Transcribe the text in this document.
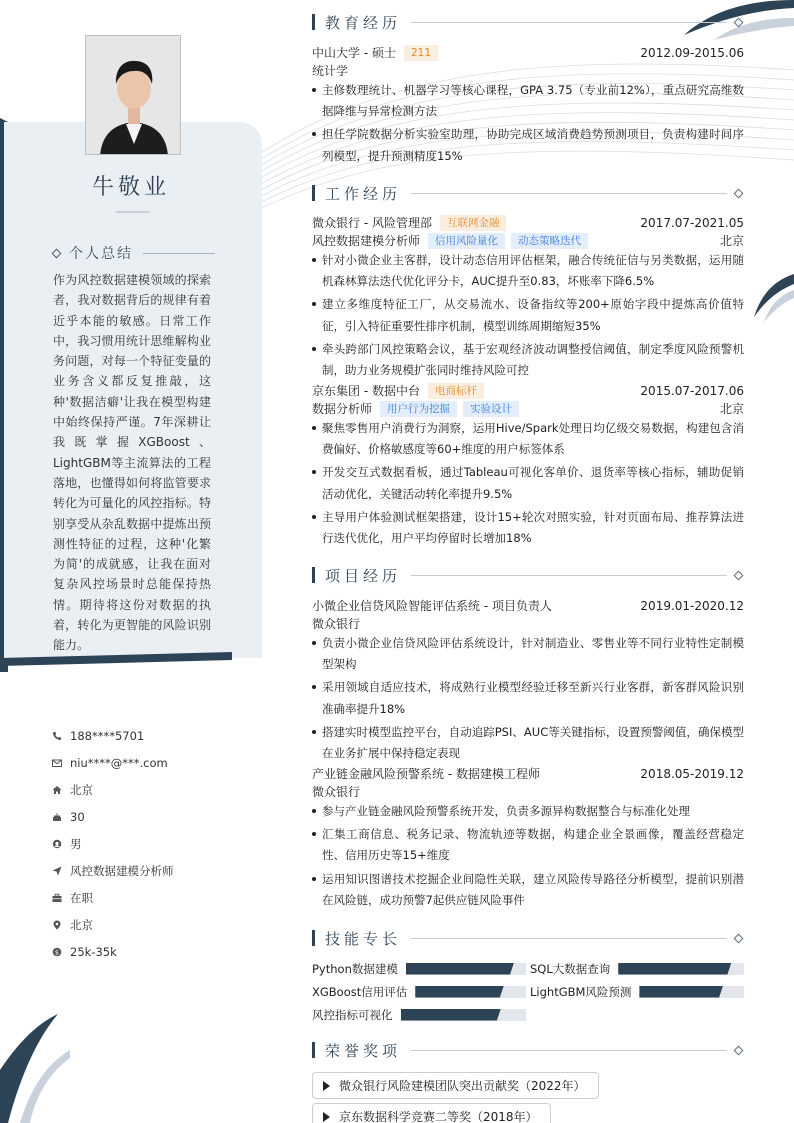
牛敬业
个人总结

作为风控数据建模领域的探索者，我对数据背后的规律有着近乎本能的敏感。日常工作中，我习惯用统计思维解构业务问题，对每一个特征变量的业务含义都反复推敲，这种'数据洁癖'让我在模型构建中始终保持严谨。7年深耕让我既掌握XGBoost、LightGBM等主流算法的工程落地，也懂得如何将监管要求转化为可量化的风控指标。特别享受从杂乱数据中提炼出预测性特征的过程，这种'化繁为简'的成就感，让我在面对复杂风控场景时总能保持热情。期待将这份对数据的执着，转化为更智能的风险识别能力。

188****5701
niu****@***.com
北京
30
男
风控数据建模分析师
在职
北京
$ 25k-35k
教育经历
中山大学 - 硕士	211	2012.09-2015.06
统计学
主修数理统计、机器学习等核心课程，GPA 3.75（专业前12%），重点研究高维数据降维与异常检测方法
担任学院数据分析实验室助理，协助完成区域消费趋势预测项目，负责构建时间序列模型，提升预测精度15%
工作经历
微众银行 - 风险管理部	互联网金融	2017.07-2021.05
风控数据建模分析师	信用风险量化	动态策略迭代	北京
针对小微企业主客群，设计动态信用评估框架，融合传统征信与另类数据，运用随机森林算法迭代优化评分卡，AUC提升至0.83，坏账率下降6.5%
建立多维度特征工厂，从交易流水、设备指纹等200+原始字段中提炼高价值特征，引入特征重要性排序机制，模型训练周期缩短35%
牵头跨部门风控策略会议，基于宏观经济波动调整授信阈值，制定季度风险预警机制，助力业务规模扩张同时维持风险可控
京东集团 - 数据中台	电商标杆	2015.07-2017.06
数据分析师	用户行为挖掘	实验设计	北京
聚焦零售用户消费行为洞察，运用Hive/Spark处理日均亿级交易数据，构建包含消费偏好、价格敏感度等60+维度的用户标签体系
开发交互式数据看板，通过Tableau可视化客单价、退货率等核心指标，辅助促销活动优化，关键活动转化率提升9.5%
主导用户体验测试框架搭建，设计15+轮次对照实验，针对页面布局、推荐算法进行迭代优化，用户平均停留时长增加18%
项目经历
小微企业信贷风险智能评估系统 - 项目负责人	2019.01-2020.12
微众银行
负责小微企业信贷风险评估系统设计，针对制造业、零售业等不同行业特性定制模型架构
采用领域自适应技术，将成熟行业模型经验迁移至新兴行业客群，新客群风险识别准确率提升18%
搭建实时模型监控平台，自动追踪PSI、AUC等关键指标，设置预警阈值，确保模型在业务扩展中保持稳定表现
产业链金融风险预警系统 - 数据建模工程师	2018.05-2019.12
微众银行
参与产业链金融风险预警系统开发，负责多源异构数据整合与标准化处理
汇集工商信息、税务记录、物流轨迹等数据，构建企业全景画像，覆盖经营稳定性、信用历史等15+维度
运用知识图谱技术挖掘企业间隐性关联，建立风险传导路径分析模型，提前识别潜在风险链，成功预警7起供应链风险事件
技能专长
Python数据建模	SQL大数据查询
XGBoost信用评估	LightGBM风险预测
风控指标可视化
荣誉奖项
微众银行风险建模团队突出贡献奖（2022年）
京东数据科学竞赛二等奖（2018年）
